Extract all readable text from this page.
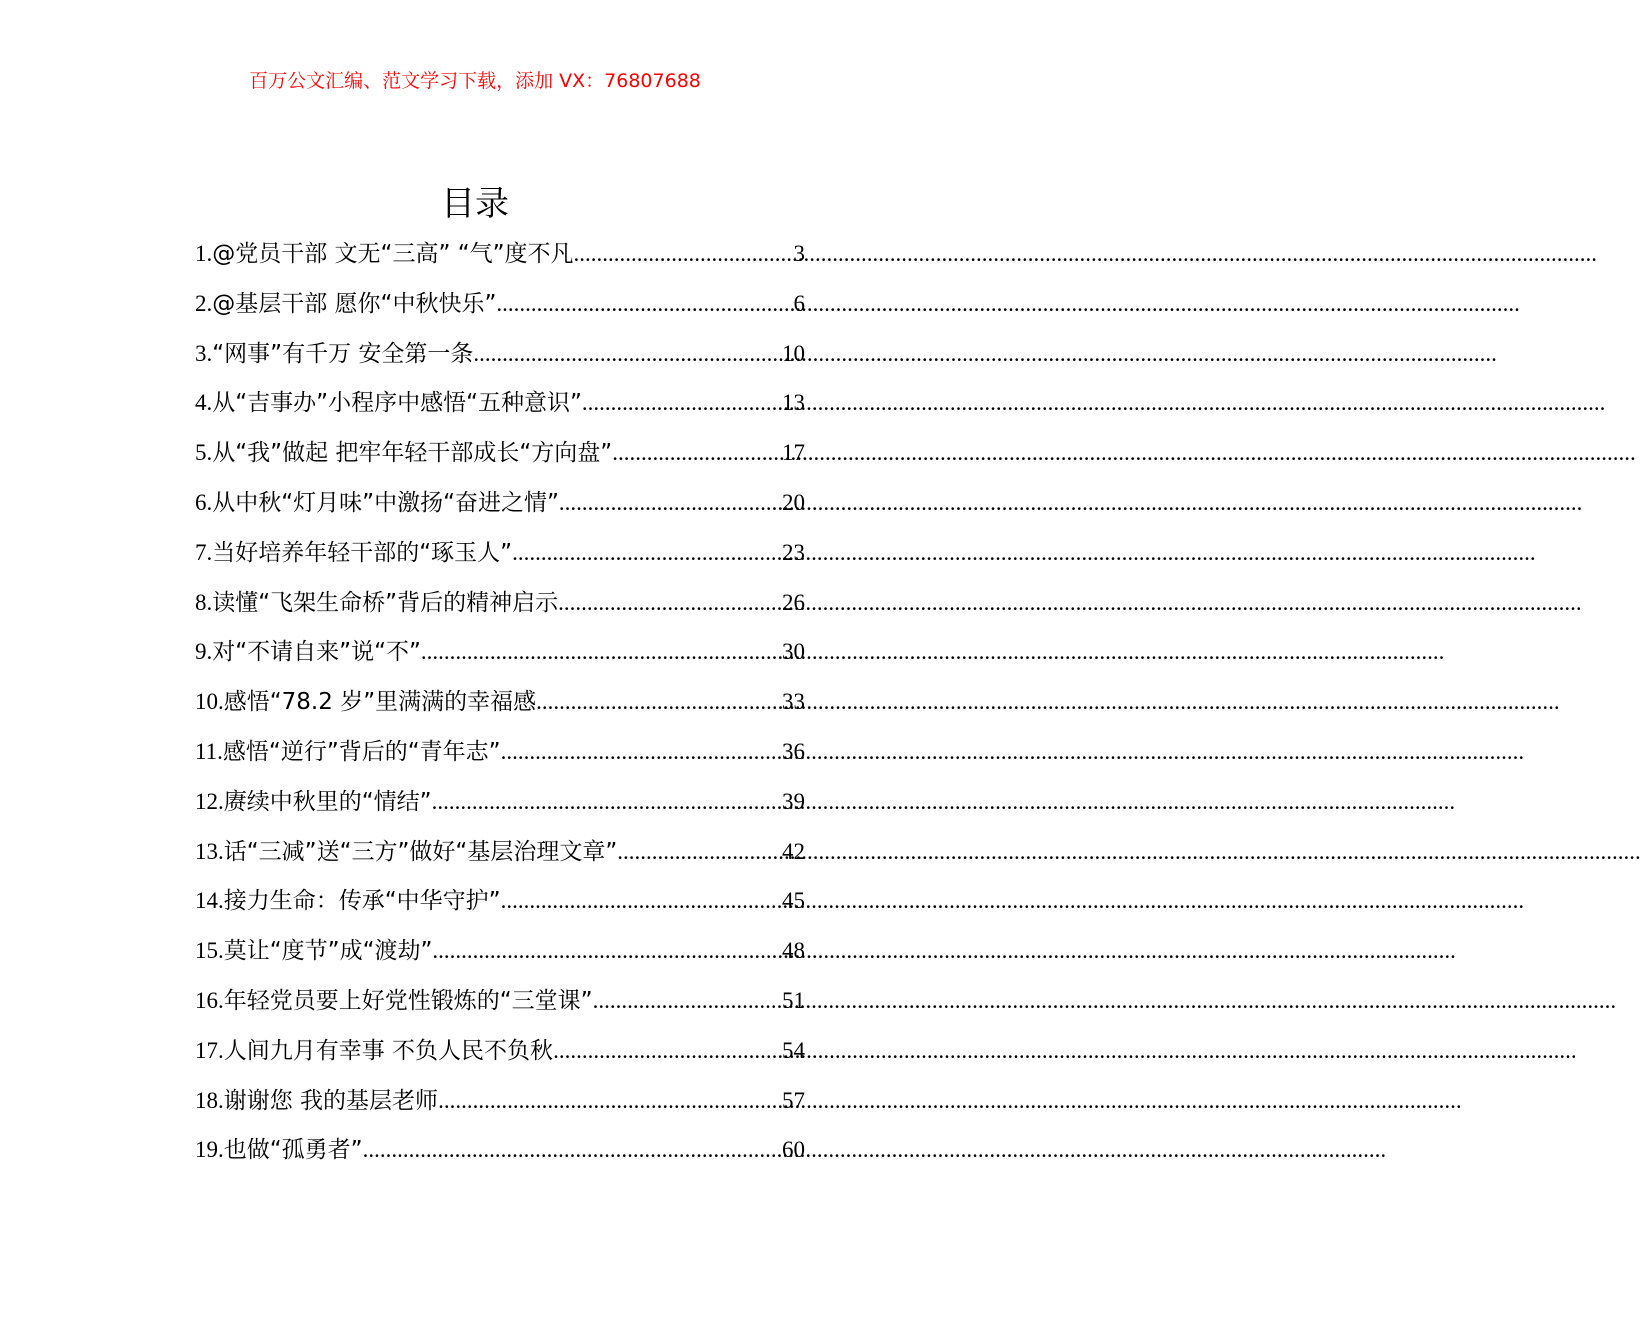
百万公文汇编、范文学习下载，添加 VX：76807688
目录
1. @党员干部 文无“三高” “气”度不凡 .....	3
2. @基层干部 愿你“中秋快乐” .....	6
3. “网事”有千万 安全第一条 .....	10
4. 从“吉事办”小程序中感悟“五种意识” .....	13
5. 从“我”做起 把牢年轻干部成长“方向盘” .....	17
6. 从中秋“灯月味”中激扬“奋进之情” .....	20
7. 当好培养年轻干部的“琢玉人” .....	23
8. 读懂“飞架生命桥”背后的精神启示 .....	26
9. 对“不请自来”说“不” .....	30
10. 感悟“78.2 岁”里满满的幸福感 .....	33
11. 感悟“逆行”背后的“青年志” .....	36
12. 赓续中秋里的“情结” .....	39
13. 话“三减”送“三方”做好“基层治理文章” .....	42
14. 接力生命：传承“中华守护” .....	45
15. 莫让“度节”成“渡劫” .....	48
16. 年轻党员要上好党性锻炼的“三堂课” .....	51
17. 人间九月有幸事 不负人民不负秋 .....	54
18. 谢谢您 我的基层老师 .....	57
19. 也做“孤勇者” .....	60
